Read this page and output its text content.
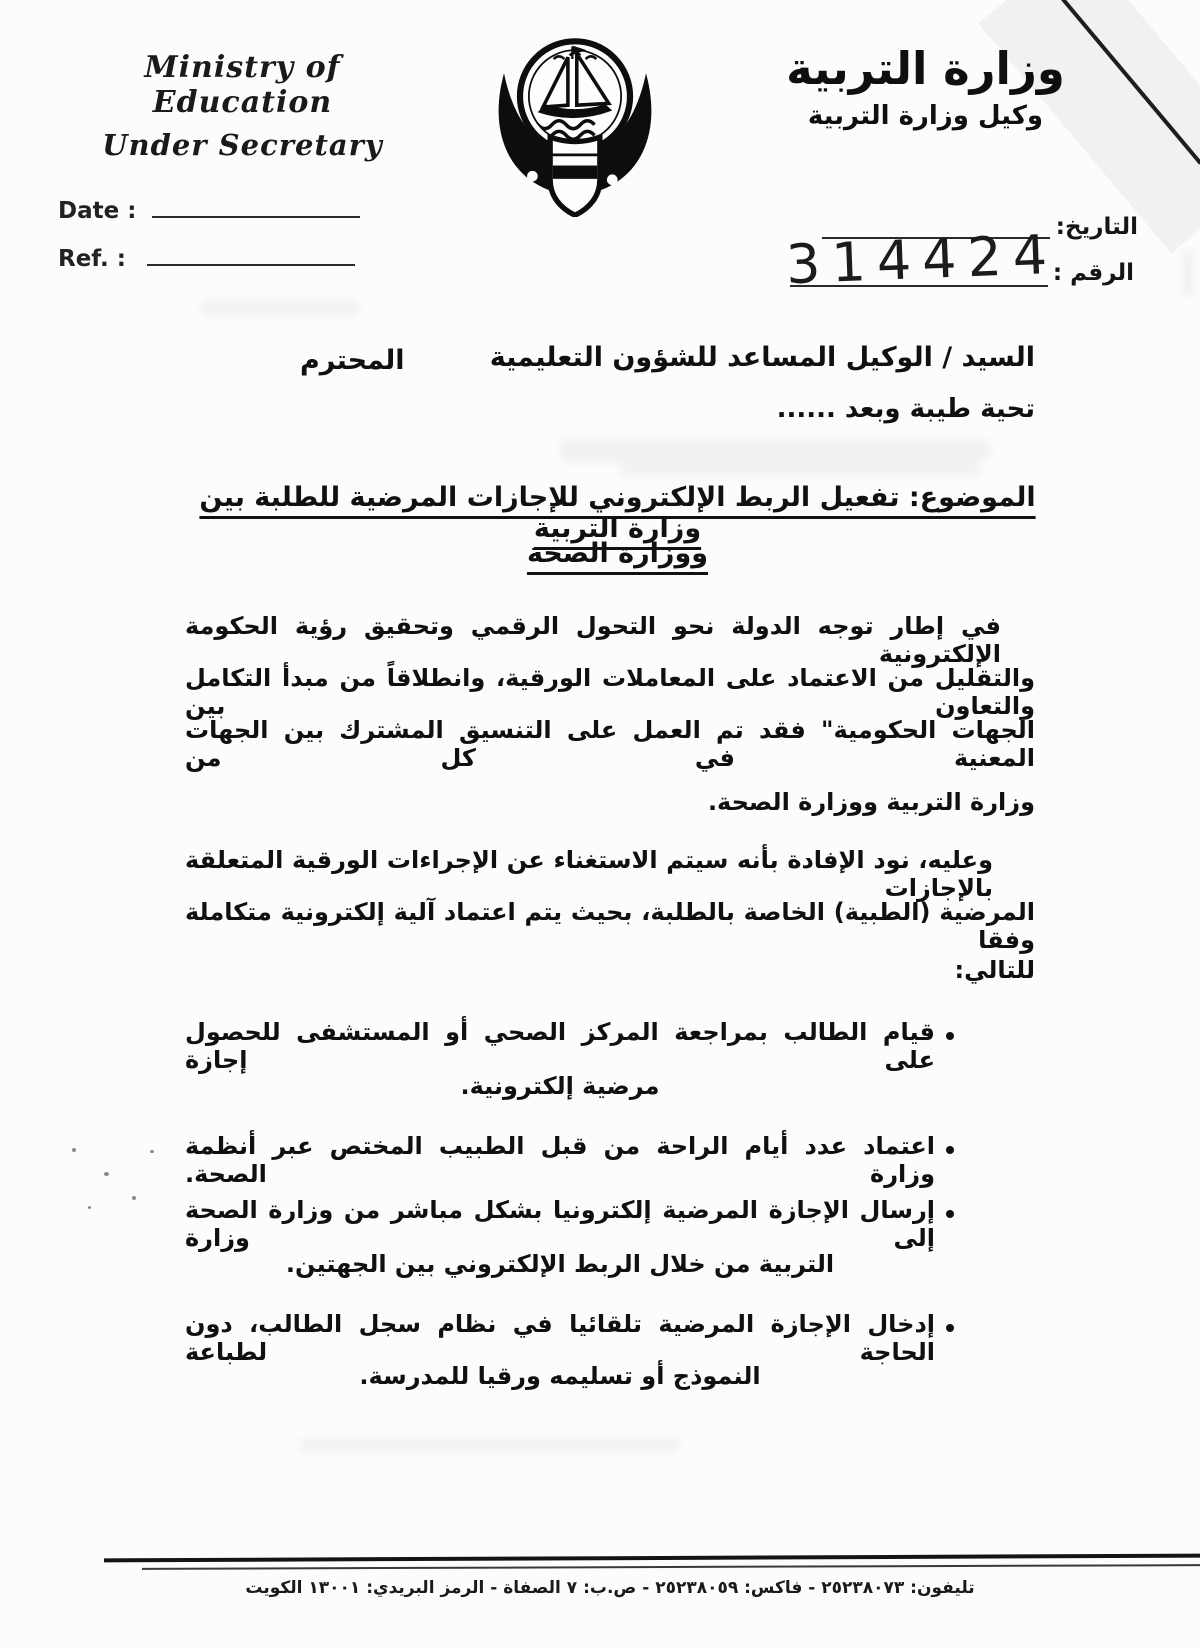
Ministry of Education
Under Secretary
وزارة التربية
وكيل وزارة التربية
Date :
Ref. :
التاريخ:
الرقم :
314424
السيد / الوكيل المساعد للشؤون التعليمية
المحترم
تحية طيبة وبعد ......
الموضوع: تفعيل الربط الإلكتروني للإجازات المرضية للطلبة بين وزارة التربية
ووزارة الصحة
في إطار توجه الدولة نحو التحول الرقمي وتحقيق رؤية الحكومة الإلكترونية
والتقليل من الاعتماد على المعاملات الورقية، وانطلاقاً من مبدأ التكامل والتعاون بين
الجهات الحكومية" فقد تم العمل على التنسيق المشترك بين الجهات المعنية في كل من
وزارة التربية ووزارة الصحة.
وعليه، نود الإفادة بأنه سيتم الاستغناء عن الإجراءات الورقية المتعلقة بالإجازات
المرضية (الطبية) الخاصة بالطلبة، بحيث يتم اعتماد آلية إلكترونية متكاملة وفقا
للتالي:
قيام الطالب بمراجعة المركز الصحي أو المستشفى للحصول على إجازة
مرضية إلكترونية.
اعتماد عدد أيام الراحة من قبل الطبيب المختص عبر أنظمة وزارة الصحة.
إرسال الإجازة المرضية إلكترونيا بشكل مباشر من وزارة الصحة إلى وزارة
التربية من خلال الربط الإلكتروني بين الجهتين.
إدخال الإجازة المرضية تلقائيا في نظام سجل الطالب، دون الحاجة لطباعة
النموذج أو تسليمه ورقيا للمدرسة.
تليفون: ٢٥٢٣٨٠٧٣ - فاكس: ٢٥٢٣٨٠٥٩ - ص.ب: ٧ الصفاة - الرمز البريدي: ١٣٠٠١ الكويت
